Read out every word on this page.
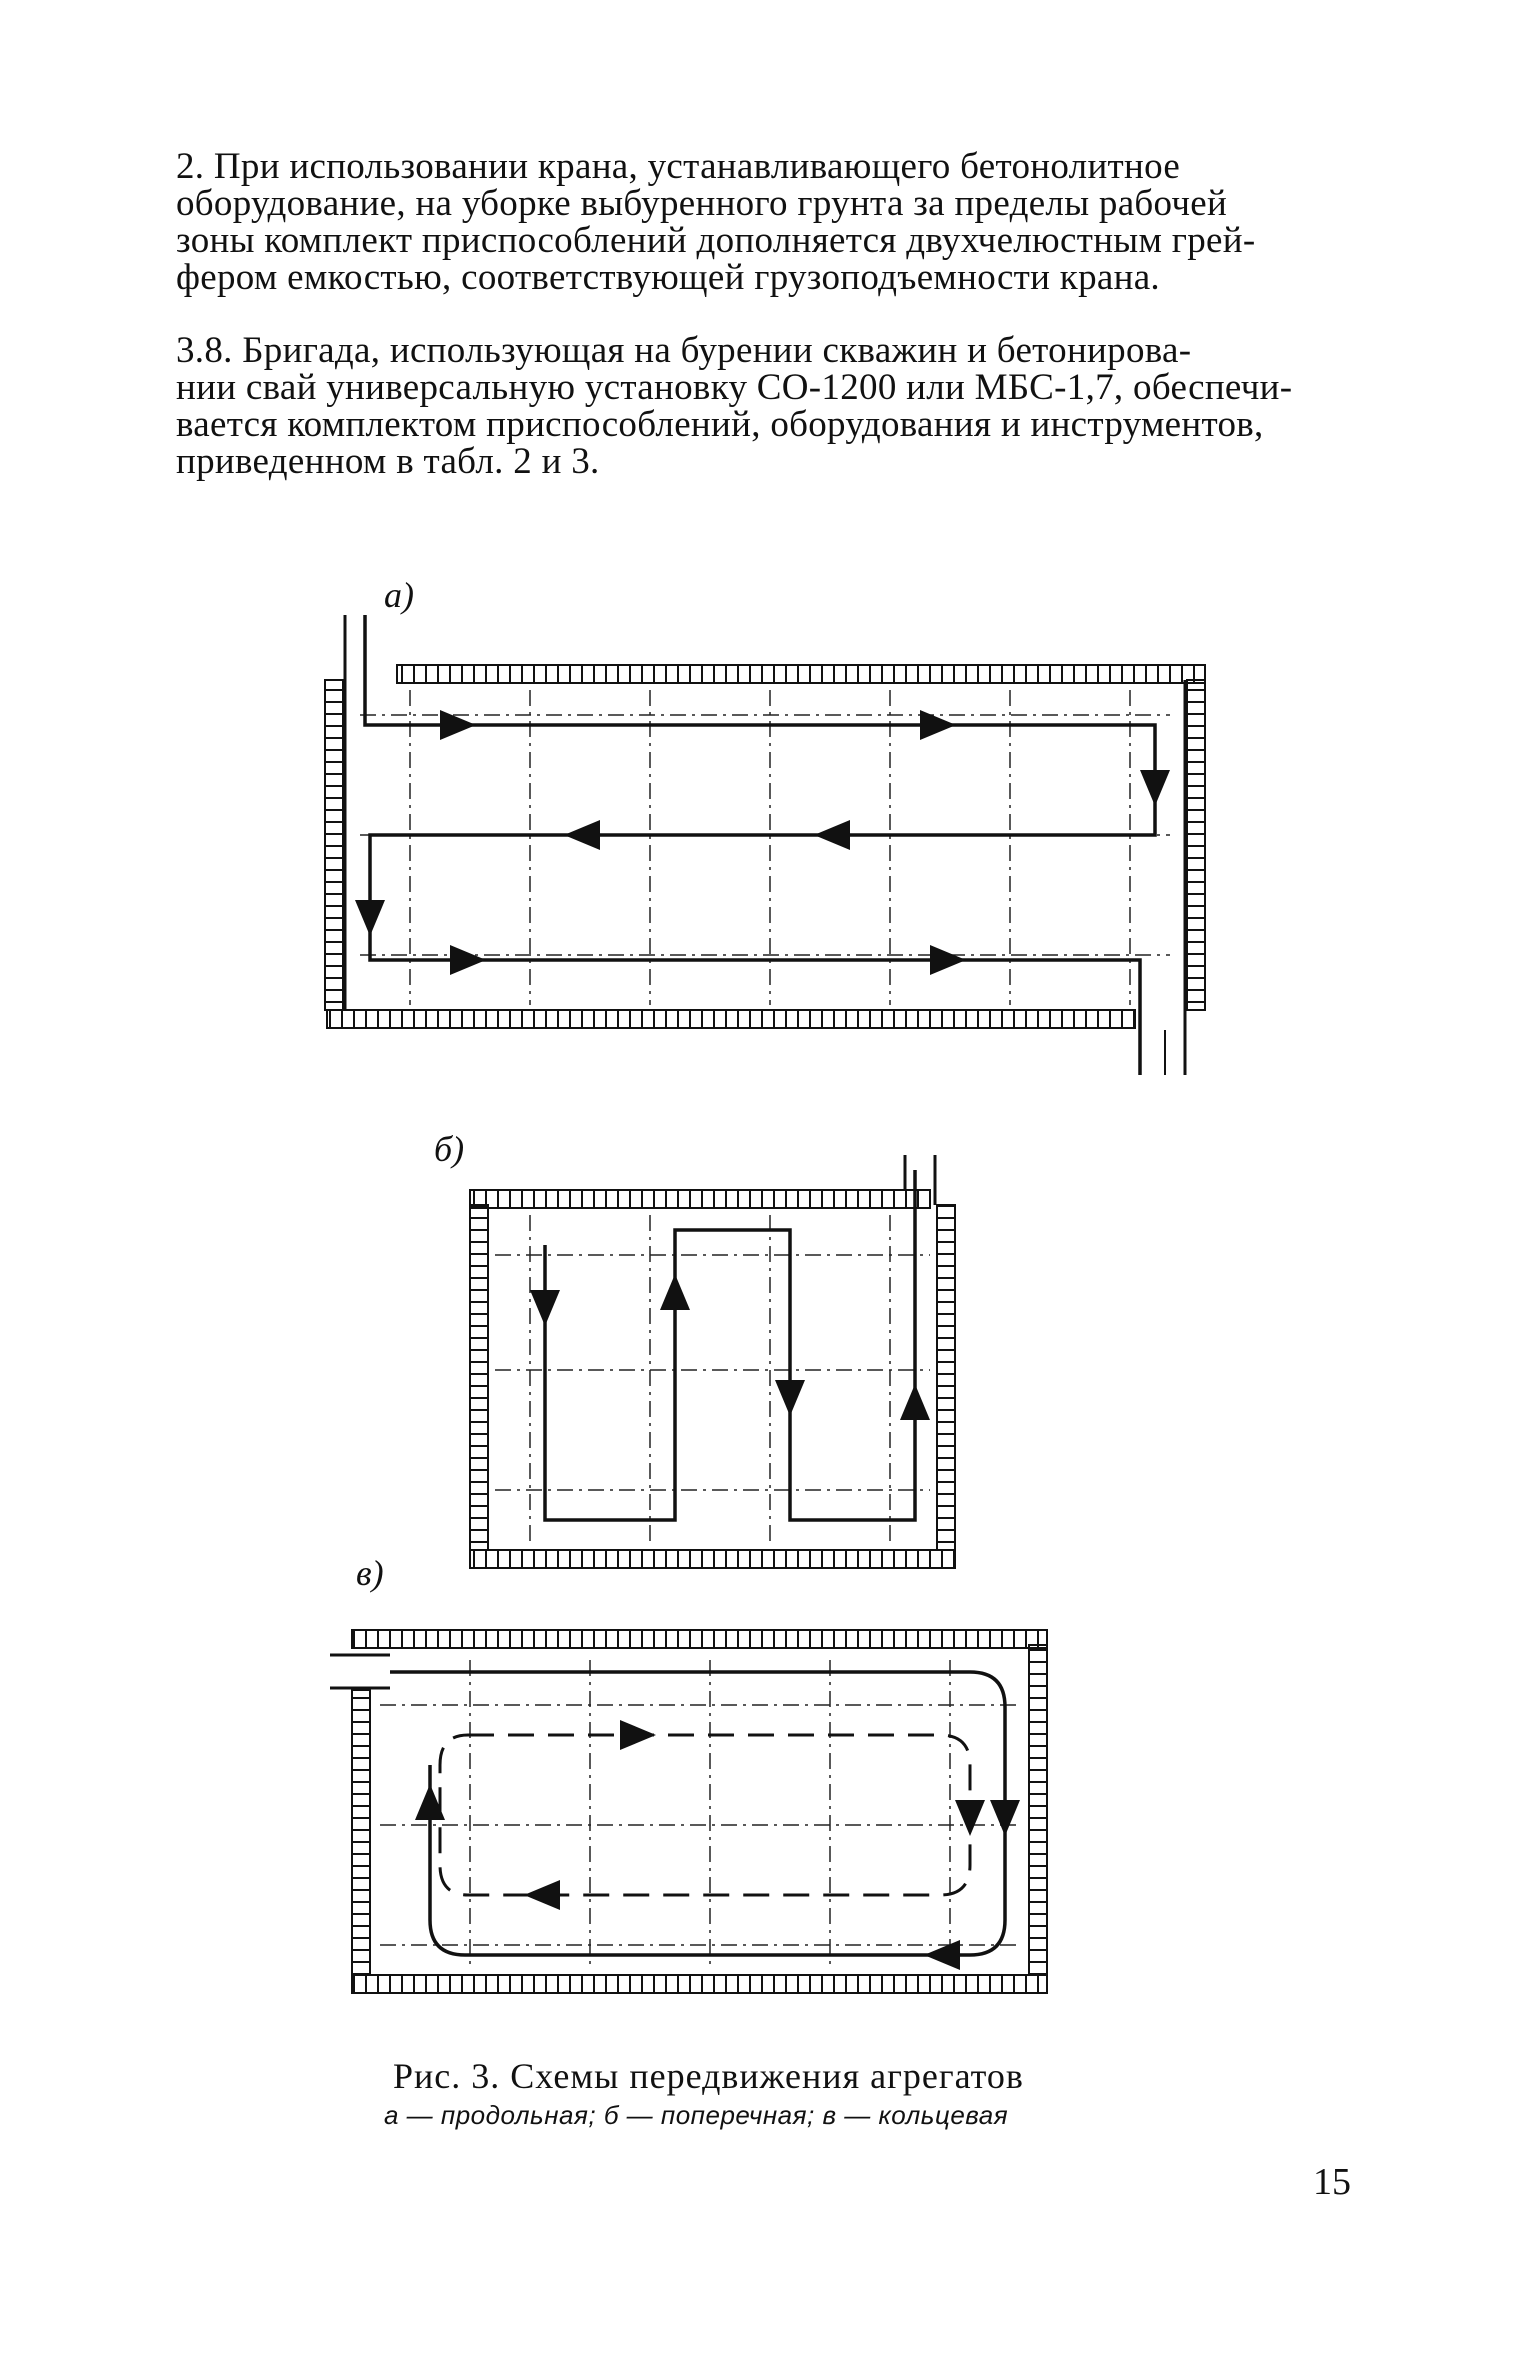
2. При использовании крана, устанавливающего бетонолитное
оборудование, на уборке выбуренного грунта за пределы рабочей
зоны комплект приспособлений дополняется двухчелюстным грей-
фером емкостью, соответствующей грузоподъемности крана.
3.8. Бригада, использующая на бурении скважин и бетонирова-
нии свай универсальную установку СО-1200 или МБС-1,7, обеспечи-
вается комплектом приспособлений, оборудования и инструментов,
приведенном в табл. 2 и 3.
а)
б)
в)
Рис. 3. Схемы передвижения агрегатов
а — продольная; б — поперечная; в — кольцевая
15
